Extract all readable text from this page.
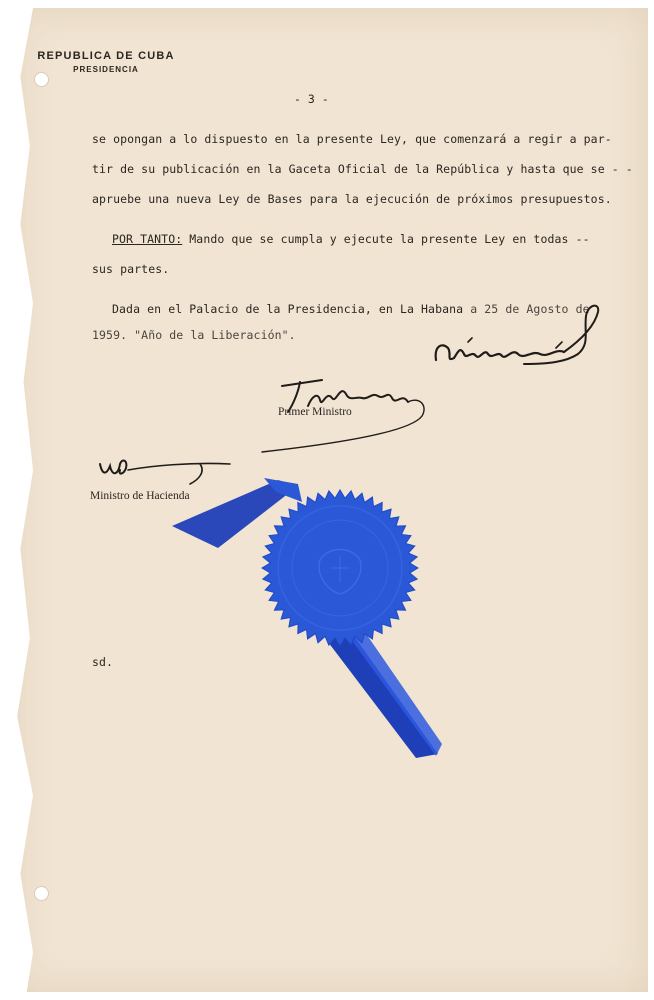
REPUBLICA DE CUBA
PRESIDENCIA
- 3 -
se opongan a lo dispuesto en la presente Ley, que comenzará a regir a par-
tir de su publicación en la Gaceta Oficial de la República y hasta que se - -
apruebe una nueva Ley de Bases para la ejecución de próximos presupuestos.
POR TANTO: Mando que se cumpla y ejecute la presente Ley en todas --
sus partes.
Dada en el Palacio de la Presidencia, en La Habana a 25 de Agosto de
1959. "Año de la Liberación".
Primer Ministro
Ministro de Hacienda
sd.
